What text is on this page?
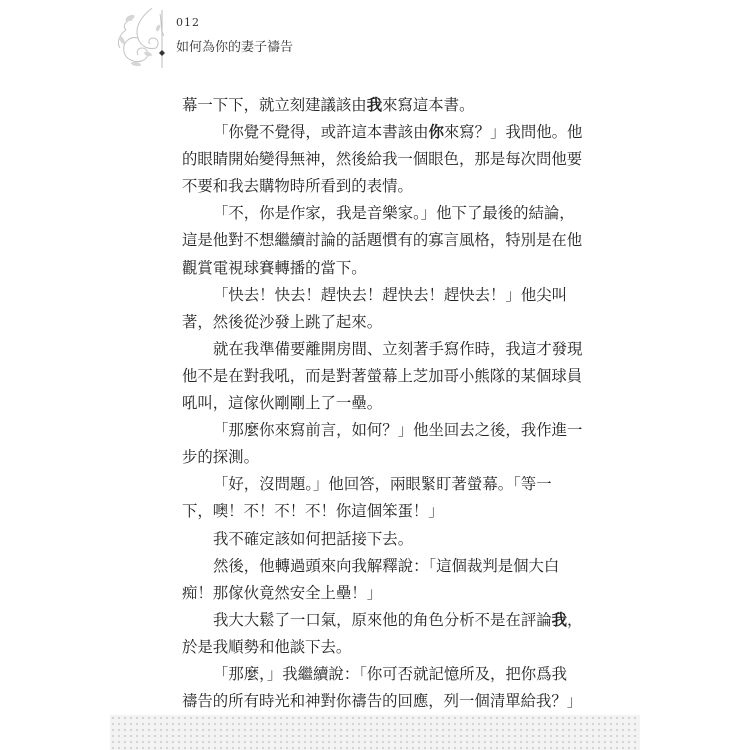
012
如何為你的妻子禱告
幕一下下，就立刻建議該由我來寫這本書。
「你覺不覺得，或許這本書該由你來寫？」我問他。他
的眼睛開始變得無神，然後給我一個眼色，那是每次問他要
不要和我去購物時所看到的表情。
「不，你是作家，我是音樂家。」他下了最後的結論，
這是他對不想繼續討論的話題慣有的寡言風格，特別是在他
觀賞電視球賽轉播的當下。
「快去！快去！趕快去！趕快去！趕快去！」他尖叫
著，然後從沙發上跳了起來。
就在我準備要離開房間、立刻著手寫作時，我這才發現
他不是在對我吼，而是對著螢幕上芝加哥小熊隊的某個球員
吼叫，這傢伙剛剛上了一壘。
「那麼你來寫前言，如何？」他坐回去之後，我作進一
步的探測。
「好，沒問題。」他回答，兩眼緊盯著螢幕。「等一
下，噢！不！不！不！你這個笨蛋！」
我不確定該如何把話接下去。
然後，他轉過頭來向我解釋說：「這個裁判是個大白
痴！那傢伙竟然安全上壘！」
我大大鬆了一口氣，原來他的角色分析不是在評論我，
於是我順勢和他談下去。
「那麼，」我繼續說：「你可否就記憶所及，把你爲我
禱告的所有時光和神對你禱告的回應，列一個清單給我？」
